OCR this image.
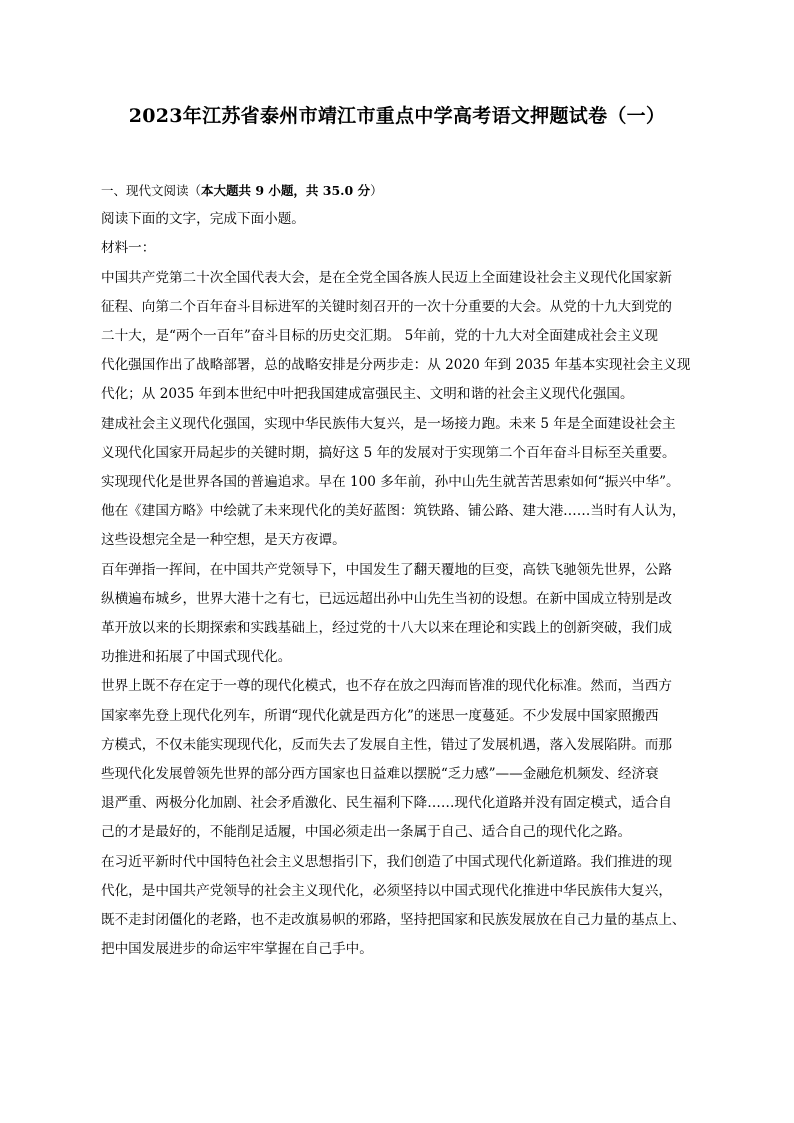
2023年江苏省泰州市靖江市重点中学高考语文押题试卷（一）

一、现代文阅读（本大题共 9 小题，共 35.0 分）

阅读下面的文字，完成下面小题。

材料一：

中国共产党第二十次全国代表大会，是在全党全国各族人民迈上全面建设社会主义现代化国家新

征程、向第二个百年奋斗目标进军的关键时刻召开的一次十分重要的大会。从党的十九大到党的

二十大，是“两个一百年”奋斗目标的历史交汇期。 5年前，党的十九大对全面建成社会主义现

代化强国作出了战略部署，总的战略安排是分两步走：从 2020 年到 2035 年基本实现社会主义现

代化；从 2035 年到本世纪中叶把我国建成富强民主、文明和谐的社会主义现代化强国。

建成社会主义现代化强国，实现中华民族伟大复兴，是一场接力跑。未来 5 年是全面建设社会主

义现代化国家开局起步的关键时期，搞好这 5 年的发展对于实现第二个百年奋斗目标至关重要。

实现现代化是世界各国的普遍追求。早在 100 多年前，孙中山先生就苦苦思索如何“振兴中华”。

他在《建国方略》中绘就了未来现代化的美好蓝图：筑铁路、铺公路、建大港……当时有人认为，

这些设想完全是一种空想，是天方夜谭。

百年弹指一挥间，在中国共产党领导下，中国发生了翻天覆地的巨变，高铁飞驰领先世界，公路

纵横遍布城乡，世界大港十之有七，已远远超出孙中山先生当初的设想。在新中国成立特别是改

革开放以来的长期探索和实践基础上，经过党的十八大以来在理论和实践上的创新突破，我们成

功推进和拓展了中国式现代化。

世界上既不存在定于一尊的现代化模式，也不存在放之四海而皆准的现代化标准。然而，当西方

国家率先登上现代化列车，所谓“现代化就是西方化”的迷思一度蔓延。不少发展中国家照搬西

方模式，不仅未能实现现代化，反而失去了发展自主性，错过了发展机遇，落入发展陷阱。而那

些现代化发展曾领先世界的部分西方国家也日益难以摆脱“乏力感”——金融危机频发、经济衰

退严重、两极分化加剧、社会矛盾激化、民生福利下降……现代化道路并没有固定模式，适合自

己的才是最好的，不能削足适履，中国必须走出一条属于自己、适合自己的现代化之路。

在习近平新时代中国特色社会主义思想指引下，我们创造了中国式现代化新道路。我们推进的现

代化，是中国共产党领导的社会主义现代化，必须坚持以中国式现代化推进中华民族伟大复兴，

既不走封闭僵化的老路，也不走改旗易帜的邪路，坚持把国家和民族发展放在自己力量的基点上、

把中国发展进步的命运牢牢掌握在自己手中。
